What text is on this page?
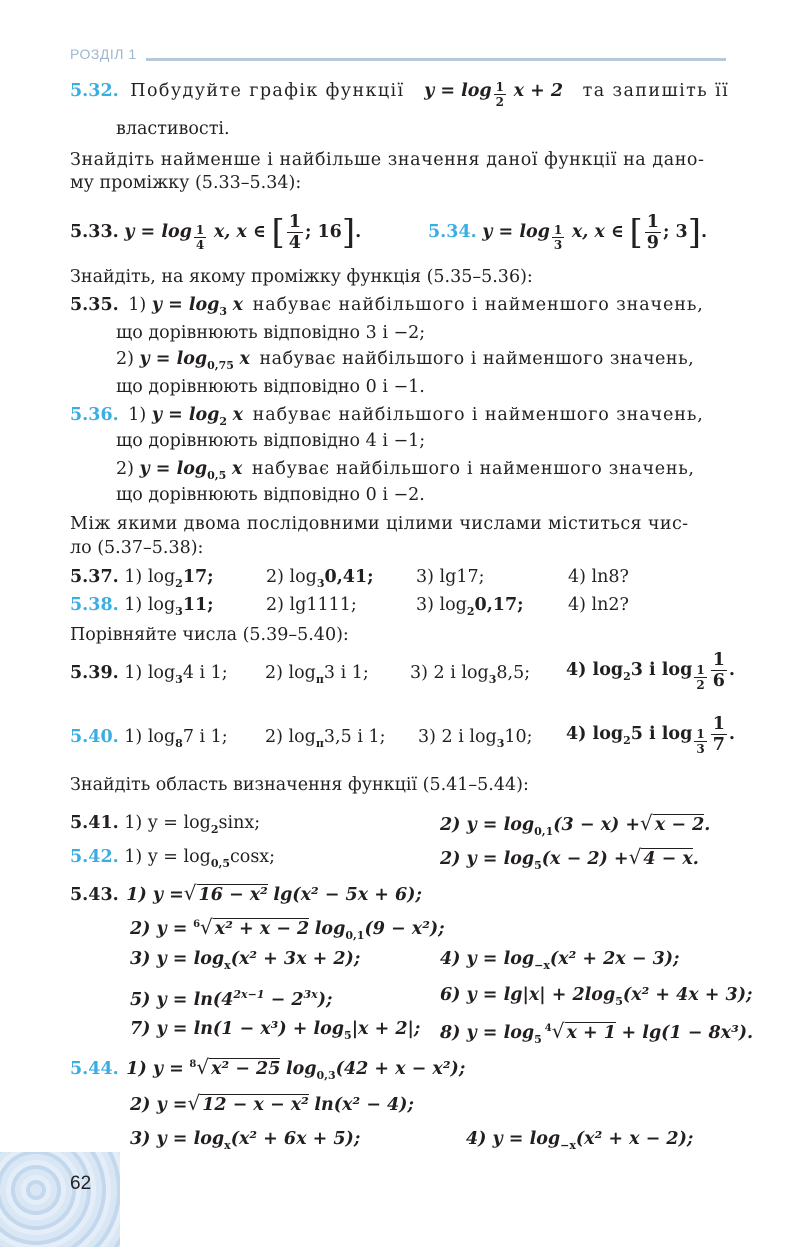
РОЗДІЛ 1
5.32. Побудуйте графік функції $y = \log \frac{1}{2}$ x + 2 та запишіть її
властивості.
Знайдіть найменше і найбільше значення даної функції на дано-
му проміжку (5.33–5.34):
5.33. $y = \log \frac{1}{4} x$, x ∈ [ $\frac{1}{4}$ ; 16].	5.34. $y = \log \frac{1}{3} x$, x ∈ [ $\frac{1}{9}$ ; 3].
Знайдіть, на якому проміжку функція (5.35–5.36):
5.35. 1) $y = \log_3 x$ набуває найбільшого і найменшого значень,
що дорівнюють відповідно 3 і −2;
2) $y = \log_{0,75} x$ набуває найбільшого і найменшого значень,
що дорівнюють відповідно 0 і −1.
5.36. 1) $y = \log_2 x$ набуває найбільшого і найменшого значень,
що дорівнюють відповідно 4 і −1;
2) $y = \log_{0,5} x$ набуває найбільшого і найменшого значень,
що дорівнюють відповідно 0 і −2.
Між якими двома послідовними цілими числами міститься чис-
ло (5.37–5.38):
5.37. 1) $\log_217$;	2) $\log_30,41$; 3) lg17;	4) ln8?
5.38. 1) $\log_311$;	2) lg1111;	3) $\log_20,17$;	4) ln2?
Порівняйте числа (5.39–5.40):
5.39. 1) $\log_34$ і 1; 2) $\log_\pi 3$ і 1; 3) 2 і $\log_38,5$; 4) $\log_23$ і $\log \frac{1}{2} \frac{1}{6}$ .
5.40. 1) $\log_87$ і 1; 2) $\log_\pi 3,5$ і 1; 3) 2 і $\log_310$; 4) $\log_25$ і $\log \frac{1}{3} \frac{1}{7}$ .
Знайдіть область визначення функції (5.41–5.44):
5.41. 1) $y = \log_2\sin x$;	2) $y = \log_{0,1}(3 - x)$ +√ x − 2.
5.42. 1) $y = \log_{0,5}\cos x$;	2) $y = \log_5(x - 2)$ +√ 4 − x.
5.43. 1) y =√ 16 − x² lg(x² − 5x + 6);
2) y = $^6$√ x² + x − 2 $\log_{0,1}(9 - x^2)$;
3) $y = \log_x(x^2 + 3x + 2)$;	4) $y = \log_{-x}(x^2 + 2x - 3)$;
5) $y = \ln(4^{2x-1} - 2^{3x})$;	6) $y = \lg|x| + 2\log_5(x^2 + 4x + 3)$;
7) $y = \ln(1 - x^3) + \log_5|x + 2|$; 8) $y = \log_5^4√$ x + 1 + lg(1 − 8x³).
5.44. 1) y = $^8$√ x² − 25 $\log_{0,3}(42 + x - x^2)$;
2) y =√ 12 − x − x² ln(x² − 4);
3) $y = \log_x(x^2 + 6x + 5)$;	4) $y = \log_{-x}(x^2 + x - 2)$;
62
